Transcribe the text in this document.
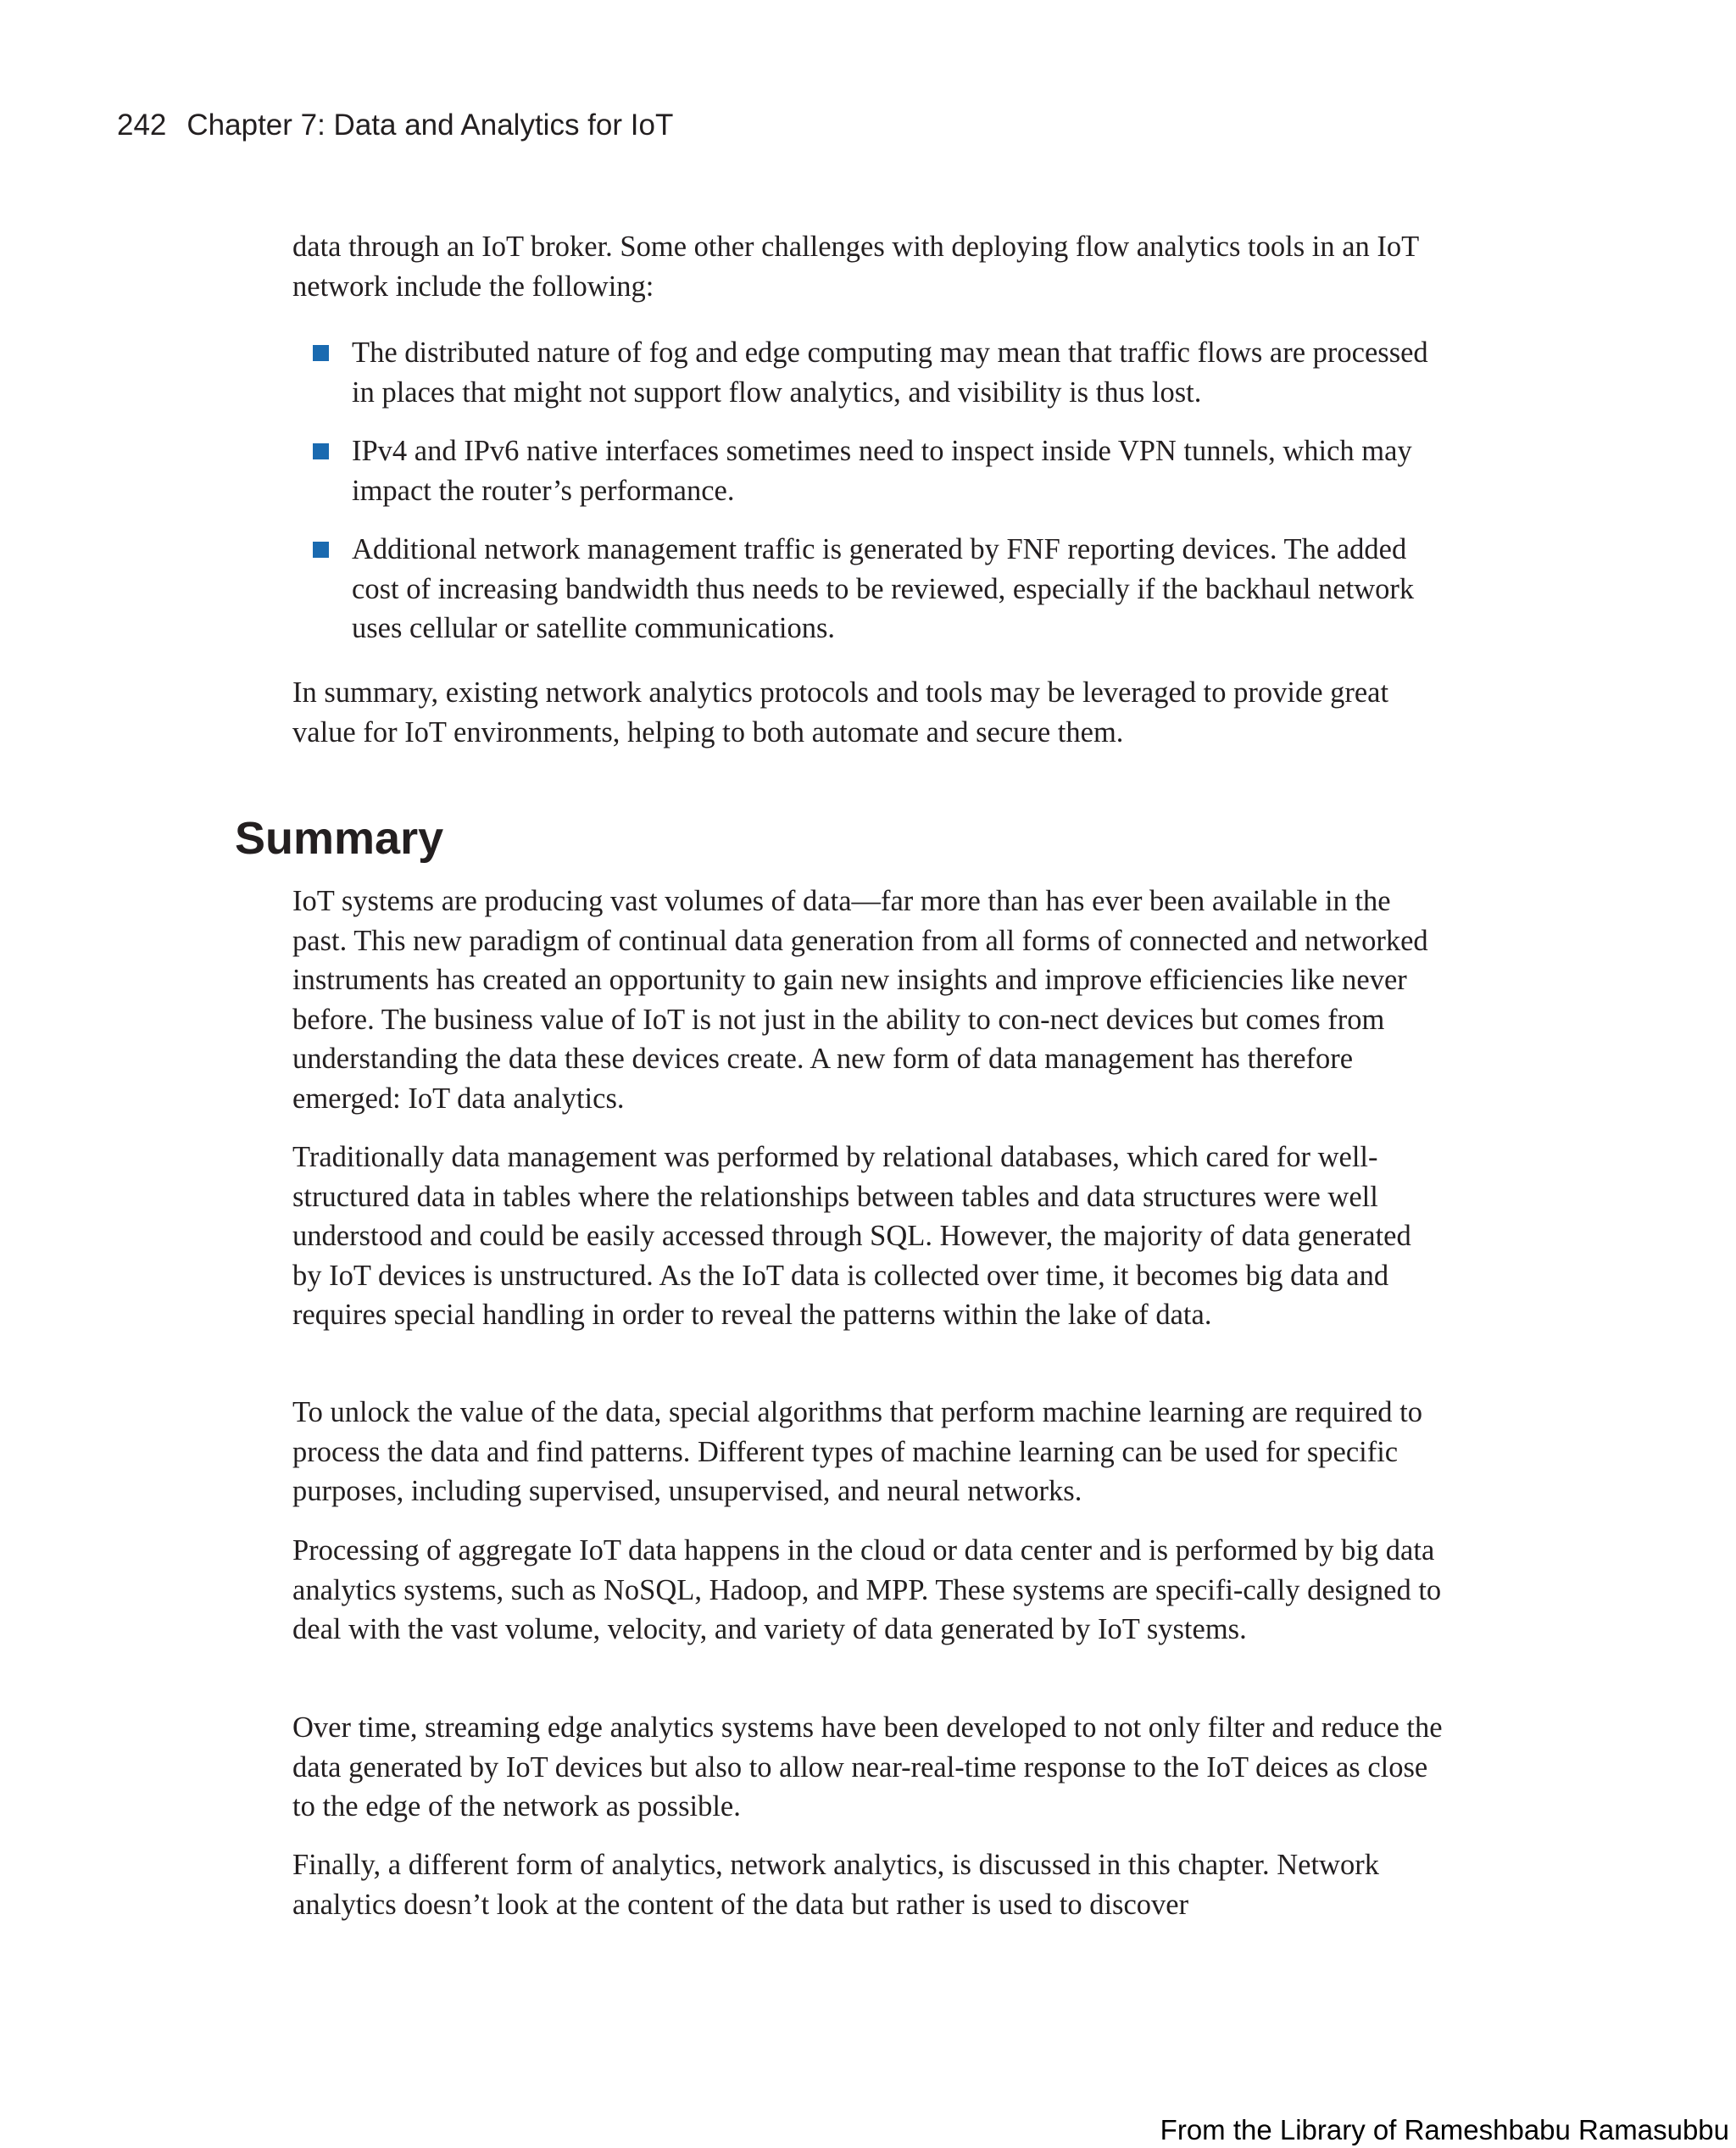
242 Chapter 7: Data and Analytics for IoT

data through an IoT broker. Some other challenges with deploying flow analytics tools in an IoT network include the following:

The distributed nature of fog and edge computing may mean that traffic flows are processed in places that might not support flow analytics, and visibility is thus lost.
IPv4 and IPv6 native interfaces sometimes need to inspect inside VPN tunnels, which may impact the router’s performance.
Additional network management traffic is generated by FNF reporting devices. The added cost of increasing bandwidth thus needs to be reviewed, especially if the backhaul network uses cellular or satellite communications.

In summary, existing network analytics protocols and tools may be leveraged to provide great value for IoT environments, helping to both automate and secure them.

Summary

IoT systems are producing vast volumes of data—far more than has ever been available in the past. This new paradigm of continual data generation from all forms of connected and networked instruments has created an opportunity to gain new insights and improve efficiencies like never before. The business value of IoT is not just in the ability to con-nect devices but comes from understanding the data these devices create. A new form of data management has therefore emerged: IoT data analytics.

Traditionally data management was performed by relational databases, which cared for well-structured data in tables where the relationships between tables and data structures were well understood and could be easily accessed through SQL. However, the majority of data generated by IoT devices is unstructured. As the IoT data is collected over time, it becomes big data and requires special handling in order to reveal the patterns within the lake of data.

To unlock the value of the data, special algorithms that perform machine learning are required to process the data and find patterns. Different types of machine learning can be used for specific purposes, including supervised, unsupervised, and neural networks.

Processing of aggregate IoT data happens in the cloud or data center and is performed by big data analytics systems, such as NoSQL, Hadoop, and MPP. These systems are specifi-cally designed to deal with the vast volume, velocity, and variety of data generated by IoT systems.

Over time, streaming edge analytics systems have been developed to not only filter and reduce the data generated by IoT devices but also to allow near-real-time response to the IoT deices as close to the edge of the network as possible.

Finally, a different form of analytics, network analytics, is discussed in this chapter. Network analytics doesn’t look at the content of the data but rather is used to discover

From the Library of Rameshbabu Ramasubbu
